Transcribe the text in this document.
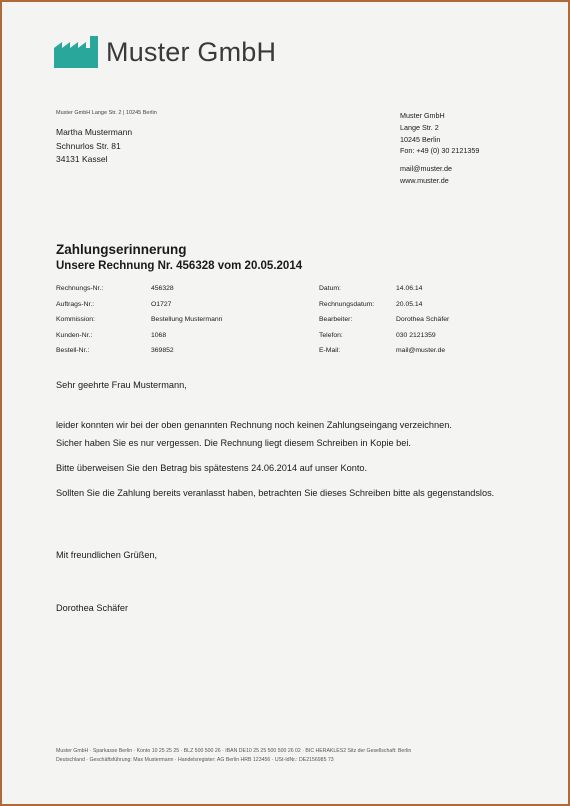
Muster GmbH
Muster GmbH Lange Str. 2 | 10245 Berlin
Martha Mustermann
Schnurlos Str. 81
34131 Kassel
Muster GmbH
Lange Str. 2
10245 Berlin
Fon: +49 (0) 30 2121359
mail@muster.de
www.muster.de
Zahlungserinnerung
Unsere Rechnung Nr. 456328 vom 20.05.2014
Rechnungs-Nr.:	456328	Datum:	14.06.14
Auftrags-Nr.:	O1727	Rechnungsdatum:	20.05.14
Kommission:	Bestellung Mustermann	Bearbeiter:	Dorothea Schäfer
Kunden-Nr.:	1068	Telefon:	030 2121359
Bestell-Nr.:	369852	E-Mail:	mail@muster.de
Sehr geehrte Frau Mustermann,
leider konnten wir bei der oben genannten Rechnung noch keinen Zahlungseingang verzeichnen.
Sicher haben Sie es nur vergessen. Die Rechnung liegt diesem Schreiben in Kopie bei.
Bitte überweisen Sie den Betrag bis spätestens 24.06.2014 auf unser Konto.
Sollten Sie die Zahlung bereits veranlasst haben, betrachten Sie dieses Schreiben bitte als gegenstandslos.
Mit freundlichen Grüßen,
Dorothea Schäfer
Muster GmbH · Sparkasse Berlin · Konto 10 25 25 25 · BLZ 500 500 26 · IBAN DE10 25 25 500 500 26 02 · BIC HERAKLES2 Sitz der Gesellschaft: Berlin
Deutschland · Geschäftsführung: Max Mustermann · Handelsregister: AG Berlin HRB 123456 · USt-IdNr.: DE2156985 73
